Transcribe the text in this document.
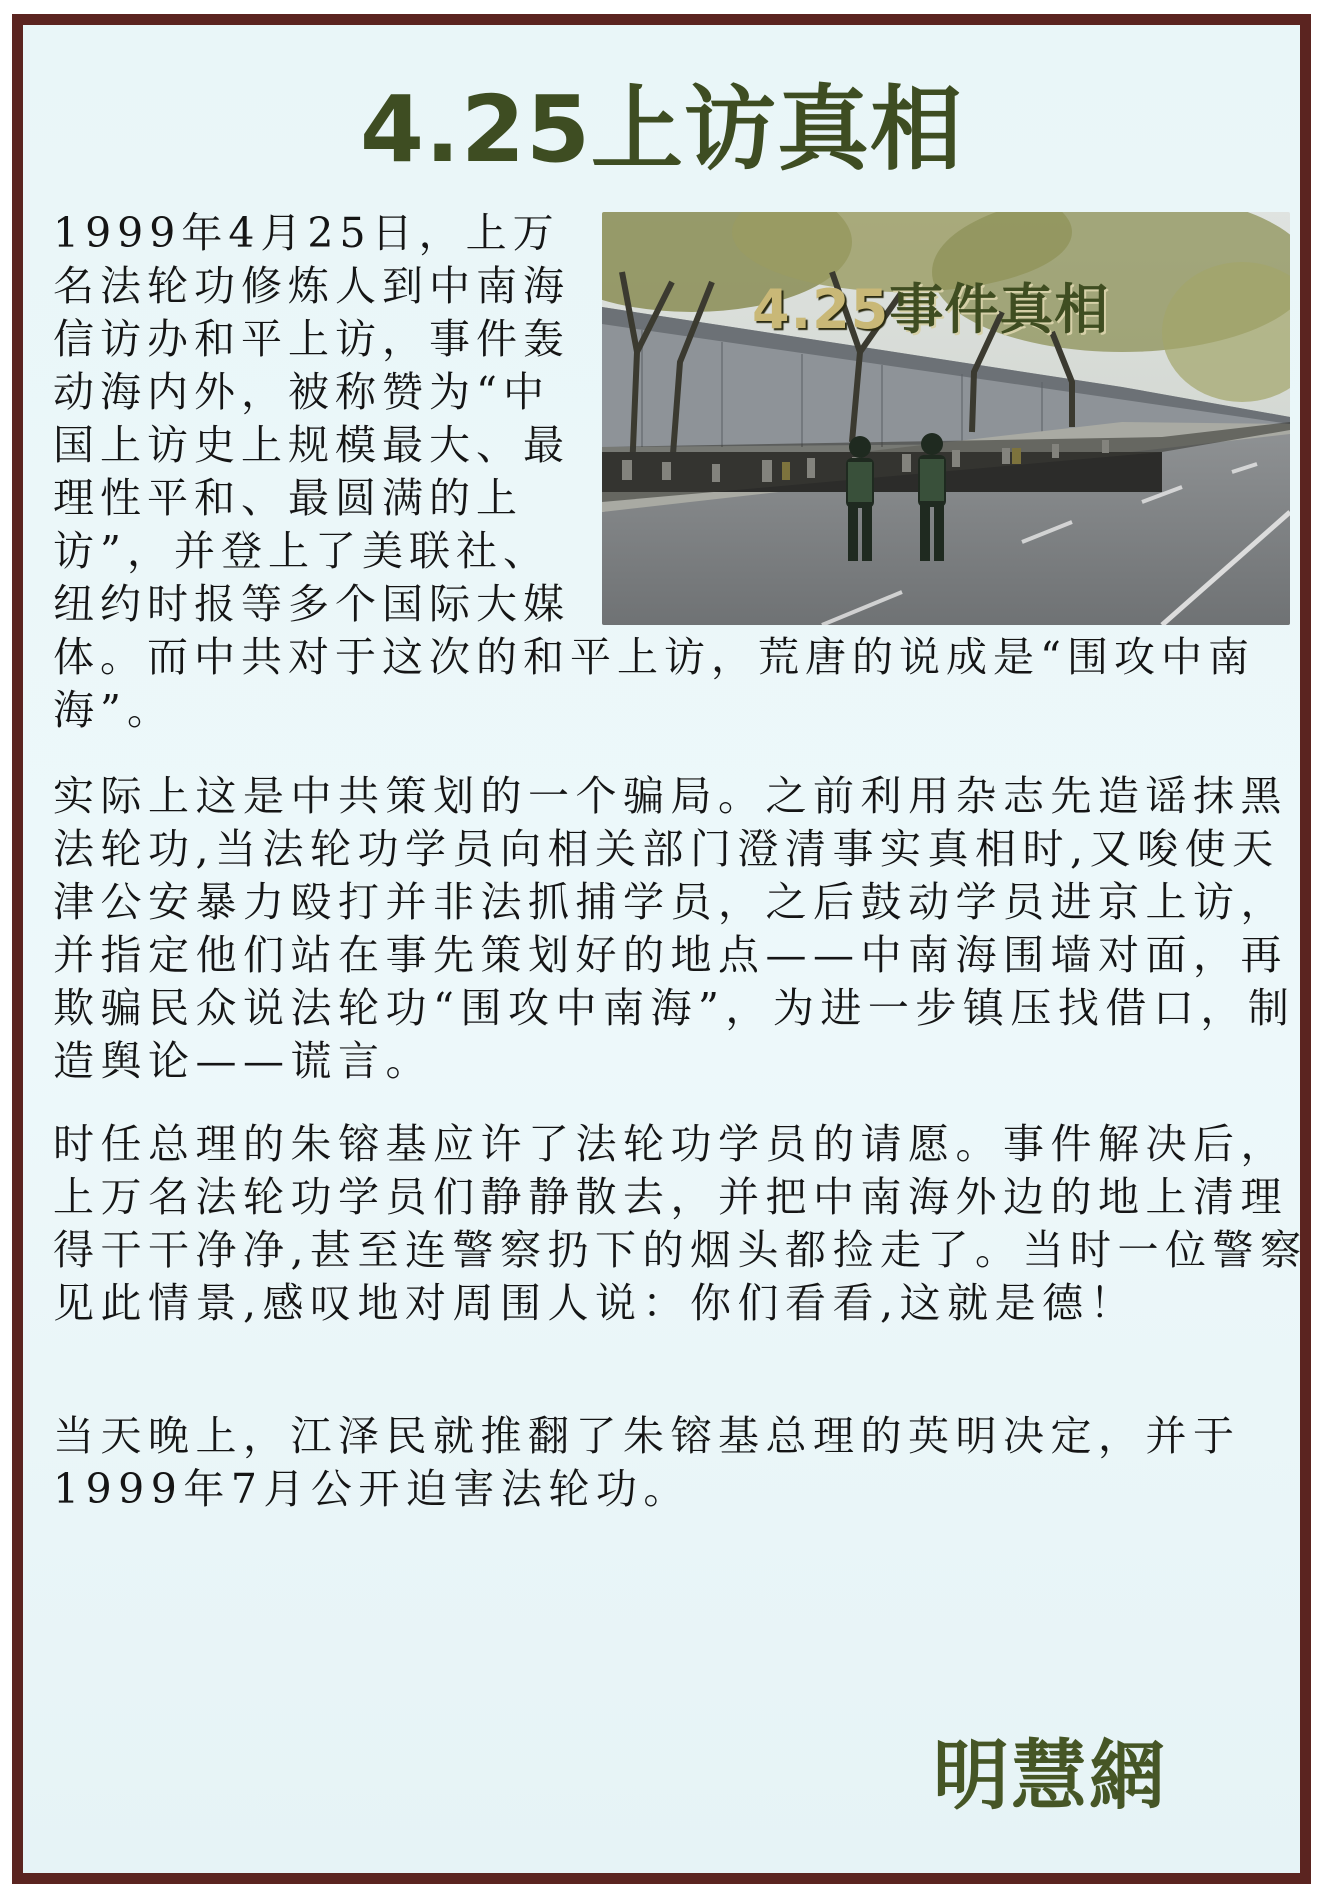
4.25上访真相
4.25事件真相
1999年4月25日，上万名法轮功修炼人到中南海信访办和平上访，事件轰动海内外，被称赞为“中国上访史上规模最大、最理性平和、最圆满的上访”，并登上了美联社、纽约时报等多个国际大媒体。而中共对于这次的和平上访，荒唐的说成是“围攻中南海”。

实际上这是中共策划的一个骗局。之前利用杂志先造谣抹黑法轮功,当法轮功学员向相关部门澄清事实真相时,又唆使天津公安暴力殴打并非法抓捕学员，之后鼓动学员进京上访，并指定他们站在事先策划好的地点——中南海围墙对面，再欺骗民众说法轮功“围攻中南海”，为进一步镇压找借口，制造舆论——谎言。

时任总理的朱镕基应许了法轮功学员的请愿。事件解决后，上万名法轮功学员们静静散去，并把中南海外边的地上清理得干干净净,甚至连警察扔下的烟头都捡走了。当时一位警察见此情景,感叹地对周围人说：你们看看,这就是德！

当天晚上，江泽民就推翻了朱镕基总理的英明决定，并于1999年7月公开迫害法轮功。

明慧網
